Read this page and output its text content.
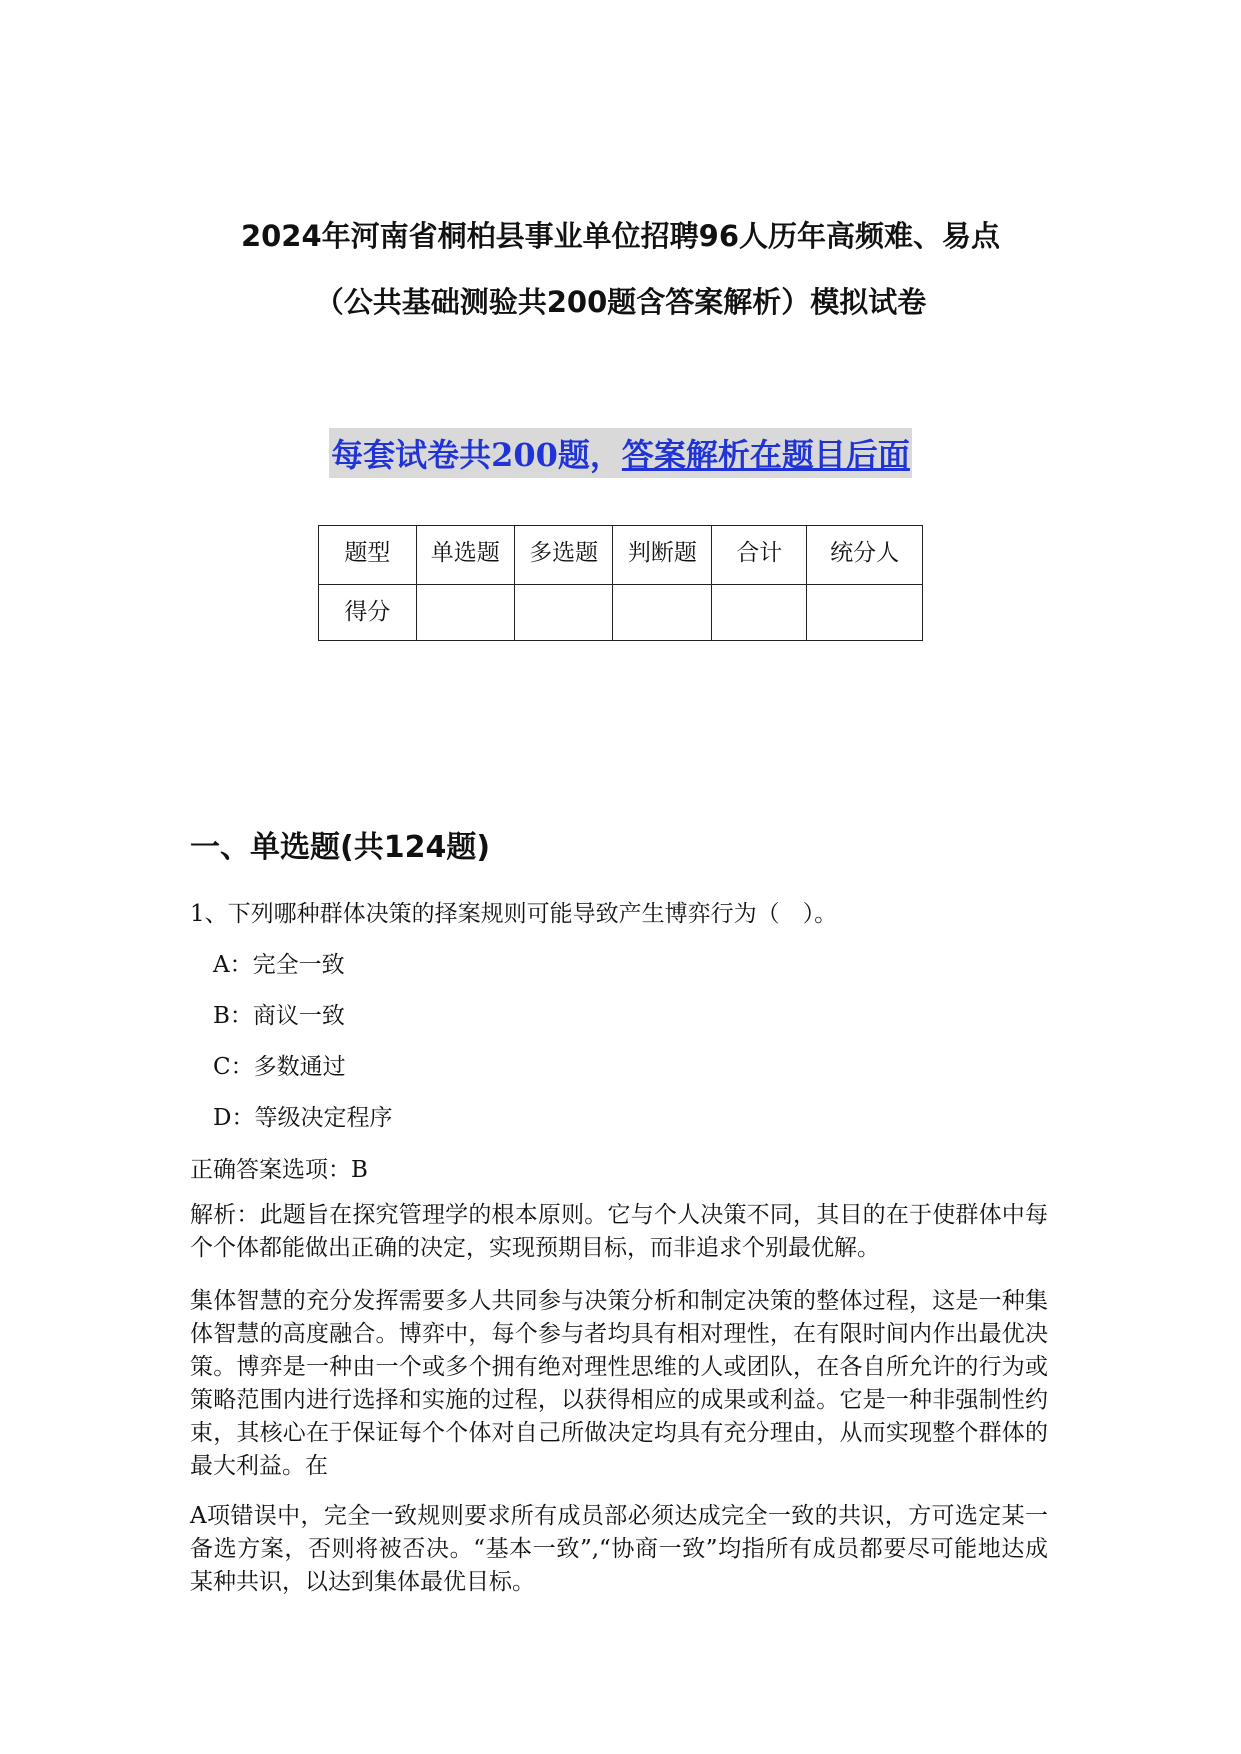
2024年河南省桐柏县事业单位招聘96人历年高频难、易点
（公共基础测验共200题含答案解析）模拟试卷
每套试卷共200题，答案解析在题目后面
题型	单选题	多选题	判断题	合计	统分人
得分					
一、单选题(共124题)

1、下列哪种群体决策的择案规则可能导致产生博弈行为（　）。

A：完全一致

B：商议一致

C：多数通过

D：等级决定程序

正确答案选项：B

解析：此题旨在探究管理学的根本原则。它与个人决策不同，其目的在于使群体中每个个体都能做出正确的决定，实现预期目标，而非追求个别最优解。

集体智慧的充分发挥需要多人共同参与决策分析和制定决策的整体过程，这是一种集体智慧的高度融合。博弈中，每个参与者均具有相对理性，在有限时间内作出最优决策。博弈是一种由一个或多个拥有绝对理性思维的人或团队，在各自所允许的行为或策略范围内进行选择和实施的过程，以获得相应的成果或利益。它是一种非强制性约束，其核心在于保证每个个体对自己所做决定均具有充分理由，从而实现整个群体的最大利益。在

A项错误中，完全一致规则要求所有成员部必须达成完全一致的共识，方可选定某一备选方案，否则将被否决。“基本一致”,“协商一致”均指所有成员都要尽可能地达成某种共识，以达到集体最优目标。
